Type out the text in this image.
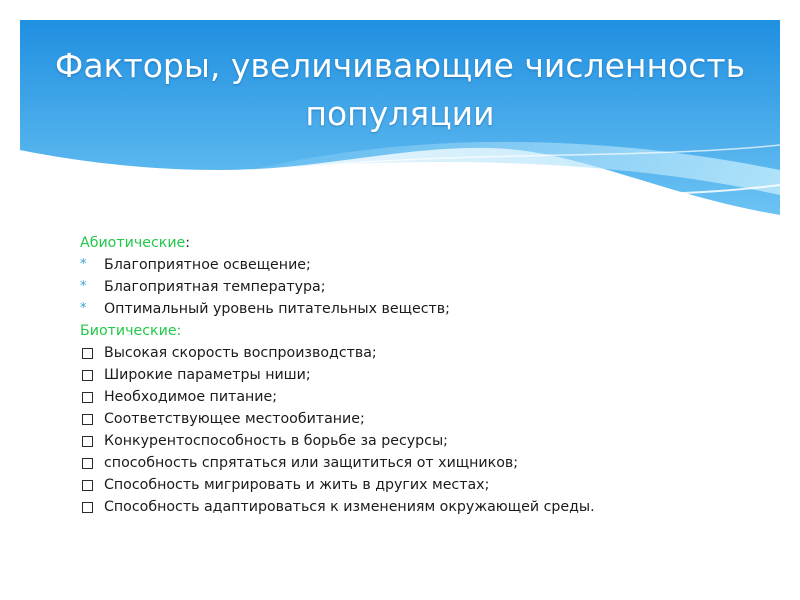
Факторы, увеличивающие численность популяции
Абиотические :
*	Благоприятное освещение;
*	Благоприятная температура;
*	Оптимальный уровень питательных веществ;
Биотические:
Высокая скорость воспроизводства;
Широкие параметры ниши;
Необходимое питание;
Соответствующее местообитание;
Конкурентоспособность в борьбе за ресурсы;
способность спрятаться или защититься от хищников;
Способность мигрировать и жить в других местах;
Способность адаптироваться к изменениям окружающей среды.
